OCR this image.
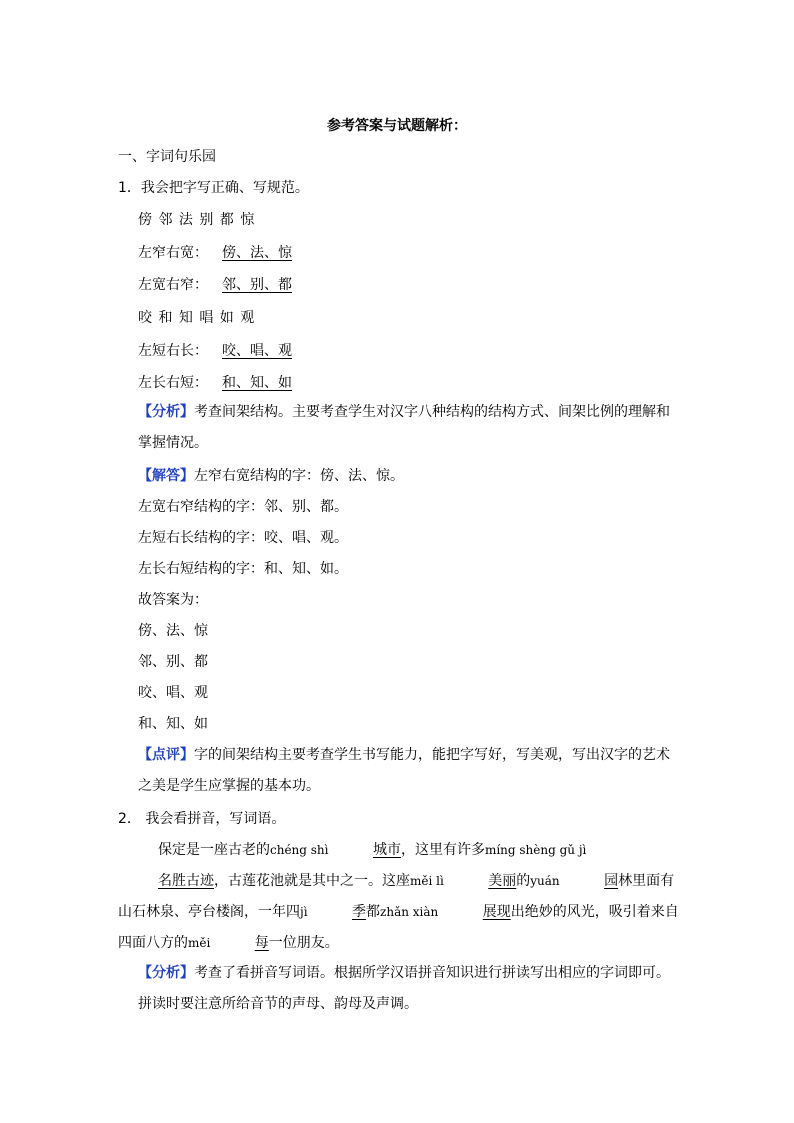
参考答案与试题解析：
一、字词句乐园
1．我会把字写正确、写规范。
傍 邻 法 别 都 惊
左窄右宽： 傍、法、惊
左宽右窄： 邻、别、都
咬 和 知 唱 如 观
左短右长： 咬、唱、观
左长右短： 和、知、如
【分析】考查间架结构。主要考查学生对汉字八种结构的结构方式、间架比例的理解和掌握情况。
【解答】左窄右宽结构的字：傍、法、惊。
左宽右窄结构的字：邻、别、都。
左短右长结构的字：咬、唱、观。
左长右短结构的字：和、知、如。
故答案为：
傍、法、惊
邻、别、都
咬、唱、观
和、知、如
【点评】字的间架结构主要考查学生书写能力，能把字写好，写美观，写出汉字的艺术之美是学生应掌握的基本功。
2． 我会看拼音，写词语。
保定是一座古老的chéng shì	城市，这里有许多míng shèng gǔ jì 名胜古迹，古莲花池就是其中之一。这座měi lì	美丽的yuán	园林里面有山石林泉、亭台楼阁，一年四jì	季都zhǎn xiàn	展现出绝妙的风光，吸引着来自四面八方的měi	每一位朋友。
【分析】考查了看拼音写词语。根据所学汉语拼音知识进行拼读写出相应的字词即可。拼读时要注意所给音节的声母、韵母及声调。
